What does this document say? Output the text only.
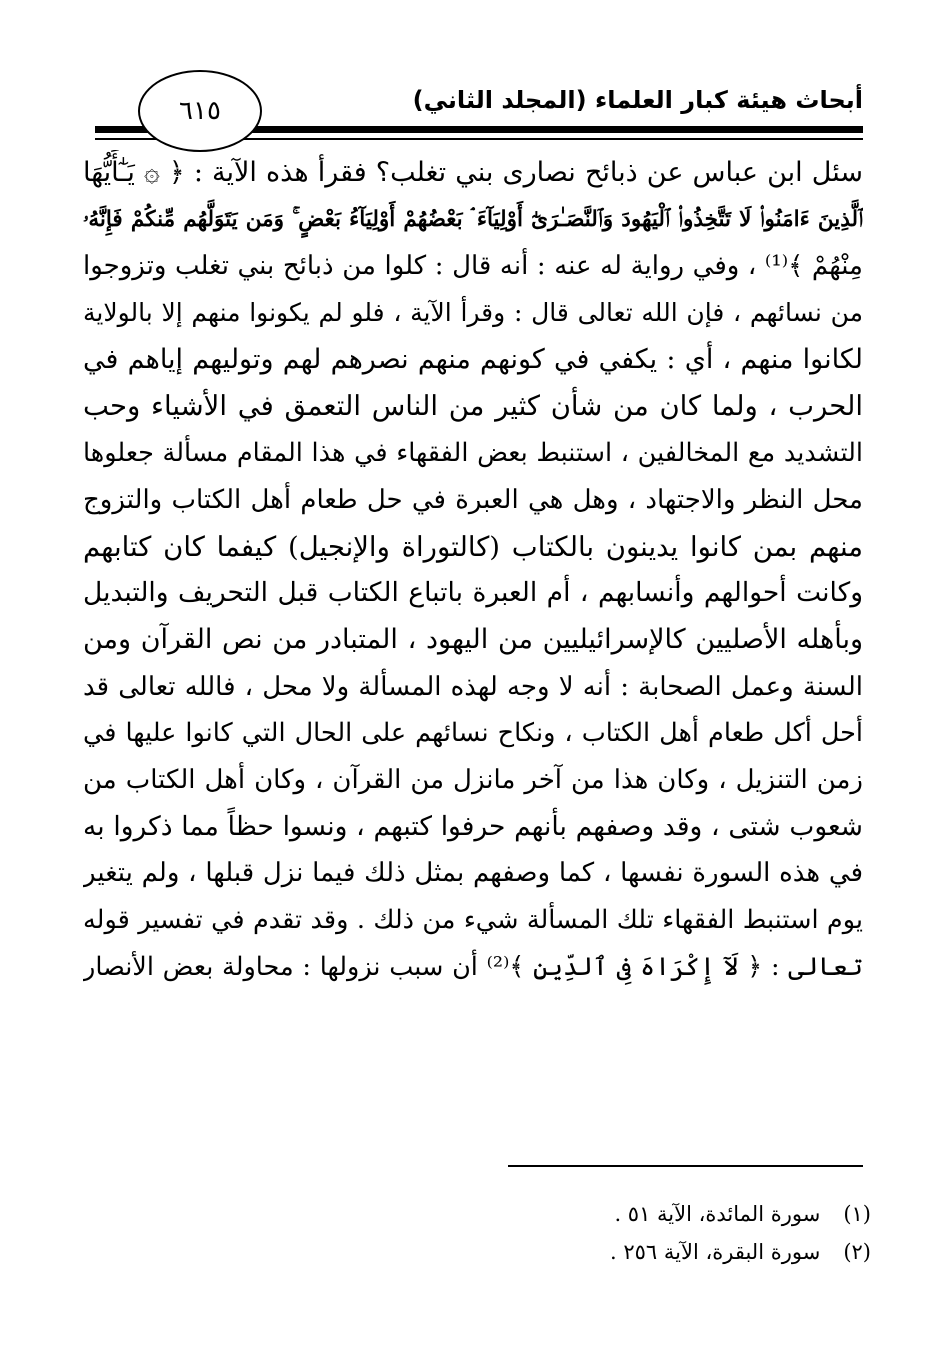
أبحاث هيئة كبار العلماء (المجلد الثاني)
٦١٥
سئل ابن عباس عن ذبائح نصارى بني تغلب؟ فقرأ هذه الآية : ﴿ ۞ يَـٰٓأَيُّهَا
ٱلَّذِينَ ءَامَنُوا۟ لَا تَتَّخِذُوا۟ ٱلْيَهُودَ وَٱلنَّصَـٰرَىٰٓ أَوْلِيَآءَ ۘ بَعْضُهُمْ أَوْلِيَآءُ بَعْضٍ ۚ وَمَن يَتَوَلَّهُم مِّنكُمْ فَإِنَّهُۥ
مِنْهُمْ ﴾⁽¹⁾ ، وفي رواية له عنه : أنه قال : كلوا من ذبائح بني تغلب وتزوجوا
من نسائهم ، فإن الله تعالى قال : وقرأ الآية ، فلو لم يكونوا منهم إلا بالولاية
لكانوا منهم ، أي : يكفي في كونهم منهم نصرهم لهم وتوليهم إياهم في
الحرب ، ولما كان من شأن كثير من الناس التعمق في الأشياء وحب
التشديد مع المخالفين ، استنبط بعض الفقهاء في هذا المقام مسألة جعلوها
محل النظر والاجتهاد ، وهل هي العبرة في حل طعام أهل الكتاب والتزوج
منهم بمن كانوا يدينون بالكتاب (كالتوراة والإنجيل) كيفما كان كتابهم
وكانت أحوالهم وأنسابهم ، أم العبرة باتباع الكتاب قبل التحريف والتبديل
وبأهله الأصليين كالإسرائيليين من اليهود ، المتبادر من نص القرآن ومن
السنة وعمل الصحابة : أنه لا وجه لهذه المسألة ولا محل ، فالله تعالى قد
أحل أكل طعام أهل الكتاب ، ونكاح نسائهم على الحال التي كانوا عليها في
زمن التنزيل ، وكان هذا من آخر مانزل من القرآن ، وكان أهل الكتاب من
شعوب شتى ، وقد وصفهم بأنهم حرفوا كتبهم ، ونسوا حظاً مما ذكروا به
في هذه السورة نفسها ، كما وصفهم بمثل ذلك فيما نزل قبلها ، ولم يتغير
يوم استنبط الفقهاء تلك المسألة شيء من ذلك . وقد تقدم في تفسير قوله
تعالى : ﴿ لَآ إِكْرَاهَ فِى ٱلدِّينِ ﴾⁽²⁾ أن سبب نزولها : محاولة بعض الأنصار
(١) سورة المائدة، الآية ٥١ .
(٢) سورة البقرة، الآية ٢٥٦ .
